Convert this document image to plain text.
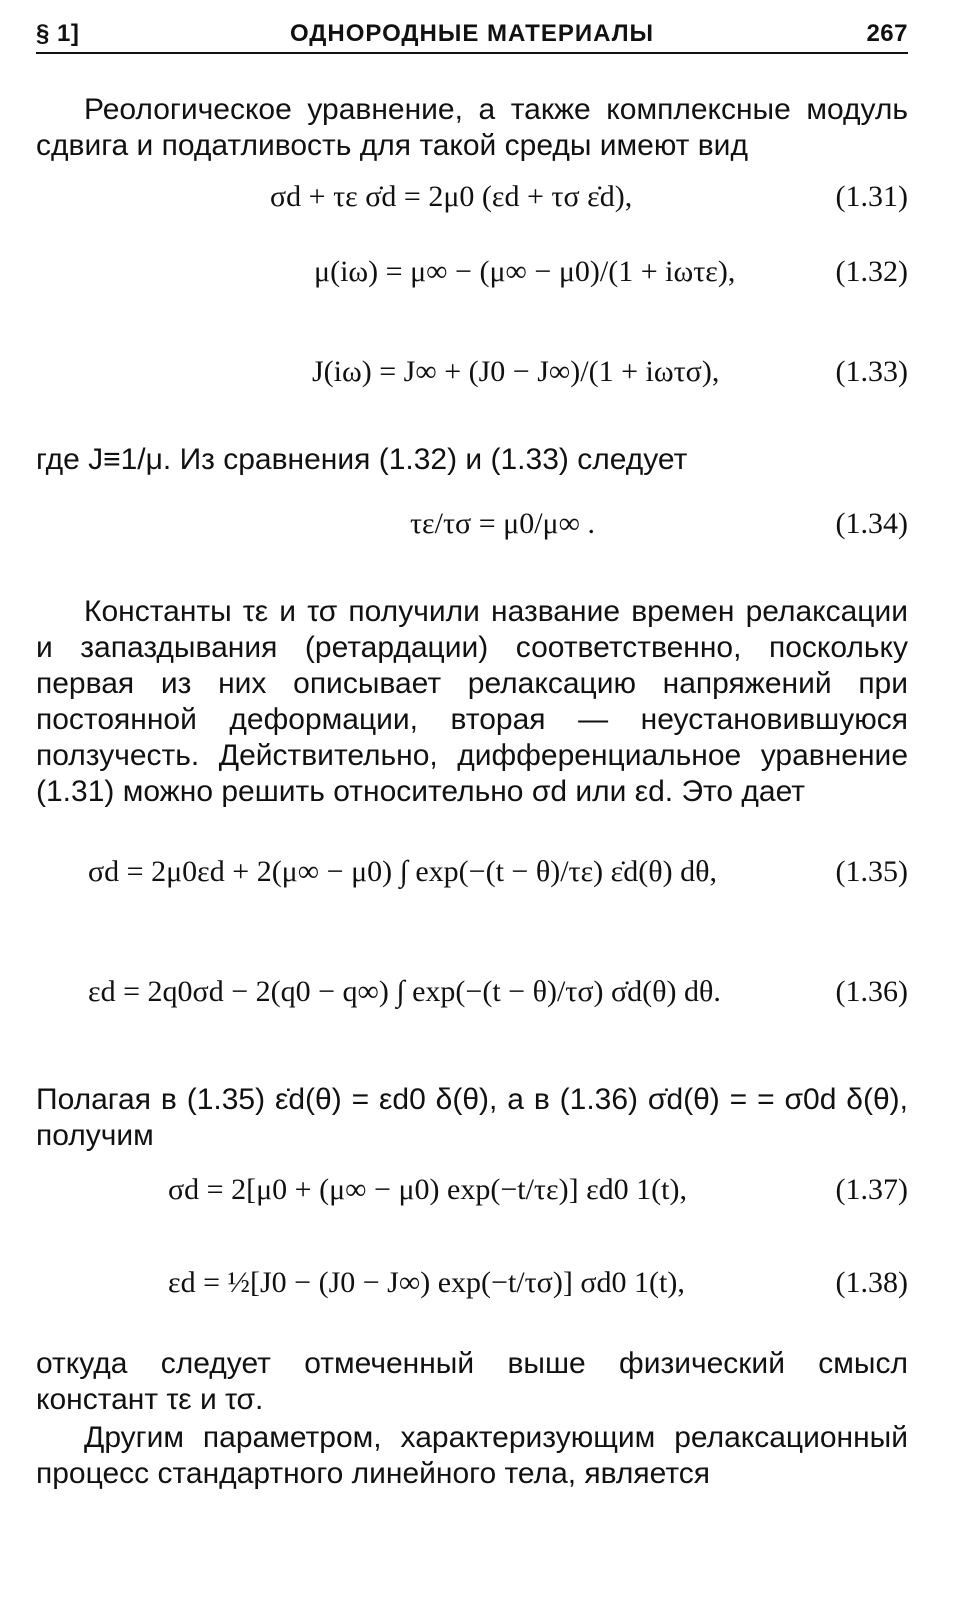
§ 1]	ОДНОРОДНЫЕ МАТЕРИАЛЫ	267

Реологическое уравнение, а также комплексные модуль сдвига и податливость для такой среды имеют вид

σd + τε σ̇d = 2μ0 (εd + τσ ε̇d),	(1.31)
μ(iω) = μ∞ − (μ∞ − μ0)/(1 + iωτε),	(1.32)
J(iω) = J∞ + (J0 − J∞)/(1 + iωτσ),	(1.33)

где J≡1/μ. Из сравнения (1.32) и (1.33) следует

τε/τσ = μ0/μ∞ .	(1.34)

Константы τε и τσ получили название времен релаксации и запаздывания (ретардации) соответственно, поскольку первая из них описывает релаксацию напряжений при постоянной деформации, вторая — неустановившуюся ползучесть. Действительно, дифференциальное уравнение (1.31) можно решить относительно σd или εd. Это дает

σd = 2μ0εd + 2(μ∞ − μ0) ∫ exp(−(t − θ)/τε) ε̇d(θ) dθ,	(1.35)
εd = 2q0σd − 2(q0 − q∞) ∫ exp(−(t − θ)/τσ) σ̇d(θ) dθ.	(1.36)

Полагая в (1.35) ε̇d(θ) = εd0 δ(θ), а в (1.36) σ̇d(θ) = = σ0d δ(θ), получим

σd = 2[μ0 + (μ∞ − μ0) exp(−t/τε)] εd0 1(t),	(1.37)
εd = ½[J0 − (J0 − J∞) exp(−t/τσ)] σd0 1(t),	(1.38)

откуда следует отмеченный выше физический смысл констант τε и τσ.

Другим параметром, характеризующим релаксационный процесс стандартного линейного тела, является
